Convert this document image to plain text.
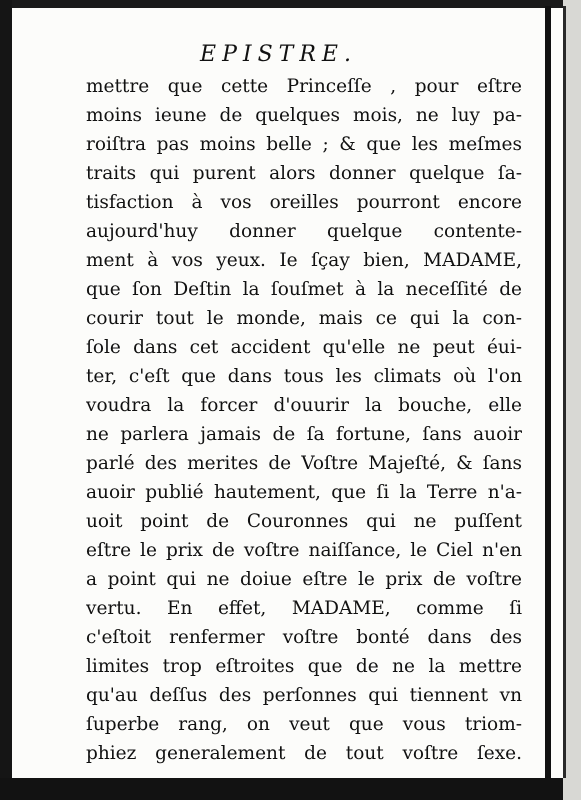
EPISTRE.
mettre que cette Princeſſe , pour eſtre
moins ieune de quelques mois, ne luy pa-
roiſtra pas moins belle ; & que les meſmes
traits qui purent alors donner quelque ſa-
tisfaction à vos oreilles pourront encore
aujourd'huy donner quelque contente-
ment à vos yeux. Ie ſçay bien, MADAME,
que ſon Deſtin la ſouſmet à la neceſſité de
courir tout le monde, mais ce qui la con-
ſole dans cet accident qu'elle ne peut éui-
ter, c'eſt que dans tous les climats où l'on
voudra la forcer d'ouurir la bouche, elle
ne parlera jamais de ſa fortune, ſans auoir
parlé des merites de Voſtre Majeſté, & ſans
auoir publié hautement, que ſi la Terre n'a-
uoit point de Couronnes qui ne puſſent
eſtre le prix de voſtre naiſſance, le Ciel n'en
a point qui ne doiue eſtre le prix de voſtre
vertu. En effet, MADAME, comme ſi
c'eſtoit renfermer voſtre bonté dans des
limites trop eſtroites que de ne la mettre
qu'au deſſus des perſonnes qui tiennent vn
ſuperbe rang, on veut que vous triom-
phiez generalement de tout voſtre ſexe.
